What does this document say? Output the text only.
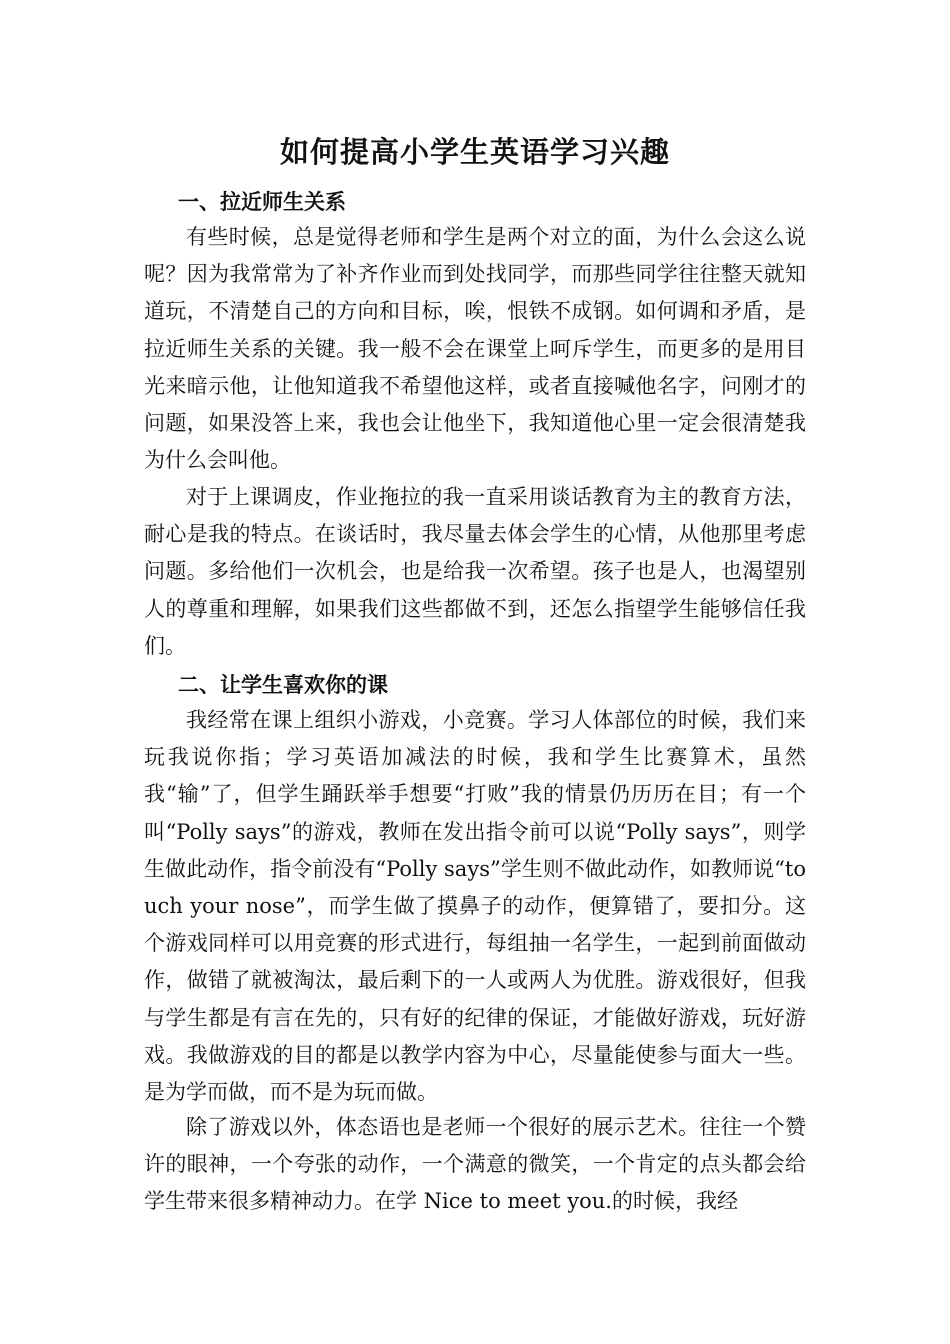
如何提高小学生英语学习兴趣
一、拉近师生关系

有些时候，总是觉得老师和学生是两个对立的面，为什么会这么说呢？因为我常常为了补齐作业而到处找同学，而那些同学往往整天就知道玩，不清楚自己的方向和目标，唉，恨铁不成钢。如何调和矛盾，是拉近师生关系的关键。我一般不会在课堂上呵斥学生，而更多的是用目光来暗示他，让他知道我不希望他这样，或者直接喊他名字，问刚才的问题，如果没答上来，我也会让他坐下，我知道他心里一定会很清楚我为什么会叫他。

对于上课调皮，作业拖拉的我一直采用谈话教育为主的教育方法，耐心是我的特点。在谈话时，我尽量去体会学生的心情，从他那里考虑问题。多给他们一次机会，也是给我一次希望。孩子也是人，也渴望别人的尊重和理解，如果我们这些都做不到，还怎么指望学生能够信任我们。

二、让学生喜欢你的课

我经常在课上组织小游戏，小竞赛。学习人体部位的时候，我们来玩我说你指；学习英语加减法的时候，我和学生比赛算术，虽然我“输”了，但学生踊跃举手想要“打败”我的情景仍历历在目；有一个叫“Polly says”的游戏，教师在发出指令前可以说“Polly says”，则学生做此动作，指令前没有“Polly says”学生则不做此动作，如教师说“touch your nose”，而学生做了摸鼻子的动作，便算错了，要扣分。这个游戏同样可以用竞赛的形式进行，每组抽一名学生，一起到前面做动作，做错了就被淘汰，最后剩下的一人或两人为优胜。游戏很好，但我与学生都是有言在先的，只有好的纪律的保证，才能做好游戏，玩好游戏。我做游戏的目的都是以教学内容为中心，尽量能使参与面大一些。是为学而做，而不是为玩而做。

除了游戏以外，体态语也是老师一个很好的展示艺术。往往一个赞许的眼神，一个夸张的动作，一个满意的微笑，一个肯定的点头都会给学生带来很多精神动力。在学 Nice to meet you.的时候，我经
